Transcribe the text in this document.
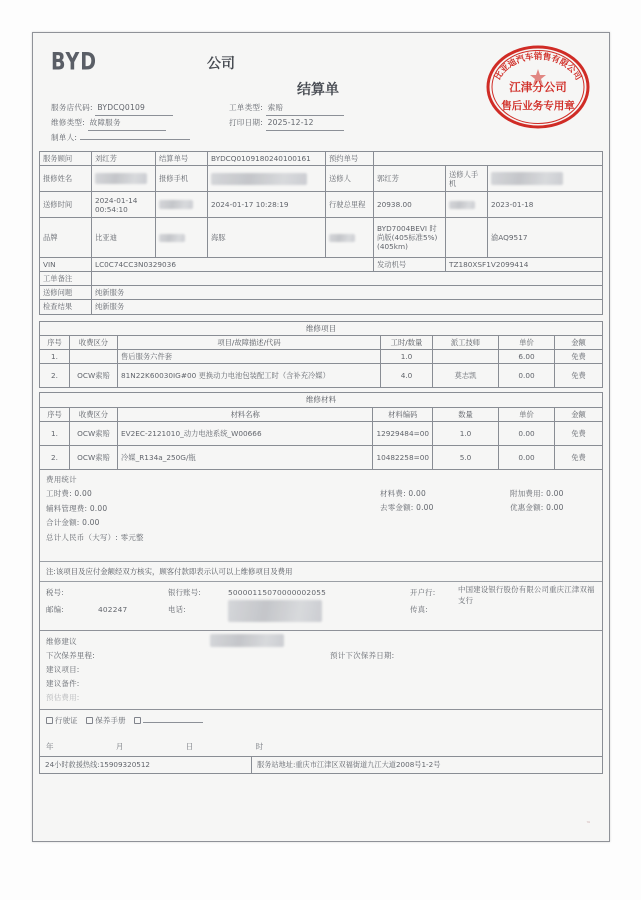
BYD	公司
结算单
比亚迪汽车销售有限公司
江津分公司
售后业务专用章
服务店代码: BYDCQ0109
维修类型: 故障服务
制单人:
工单类型: 索赔
打印日期: 2025-12-12
服务顾问	刘红芳	结算单号	BYDCQ0109180240100161	预约单号			
报修姓名		报修手机		送修人	郭红芳	送修人手机	
送修时间	2024-01-14 00:54:10		2024-01-17 10:28:19	行驶总里程	20938.00		2023-01-18
品牌	比亚迪		海豚		BYD7004BEVI 时尚版(405标准5%)(405km)		渝AQ9517
VIN	LC0C74CC3N0329036				发动机号	TZ180XSF1V2099414	
工单备注							
送修问题	纯新服务						
检查结果	纯新服务						
维修项目						
序号	收费区分	项目/故障描述/代码	工时/数量	派工技师	单价	金额
1.		售后服务六件套	1.0		6.00	免费
2.	OCW索赔	81N22K60030IG#00 更换动力电池包装配工时（含补充冷媒）	4.0	莫志凯	0.00	免费
维修材料						
序号	收费区分	材料名称	材料编码	数量	单价	金额
1.	OCW索赔	EV2EC-2121010_动力电池系统_W00666	12929484=00	1.0	0.00	免费
2.	OCW索赔	冷媒_R134a_250G/瓶	10482258=00	5.0	0.00	免费
费用统计
工时费: 0.00
辅料管理费: 0.00
合计金额: 0.00
总计人民币（大写）: 零元整
材料费: 0.00
去零金额: 0.00
附加费用: 0.00
优惠金额: 0.00
注:该项目及应付金额经双方核实，顾客付款即表示认可以上维修项目及费用
税号:
邮编:	402247
银行账号:	50000115070000002055
电话:
开户行:	中国建设银行股份有限公司重庆江津双福支行
传真:
维修建议
下次保养里程:	预计下次保养日期:
建议项目:
建议备件:
预估费用:
行驶证 保养手册
年 月 日 时
24小时救援热线:15909320512	服务站地址:重庆市江津区双福街道九江大道2008号1-2号
™
